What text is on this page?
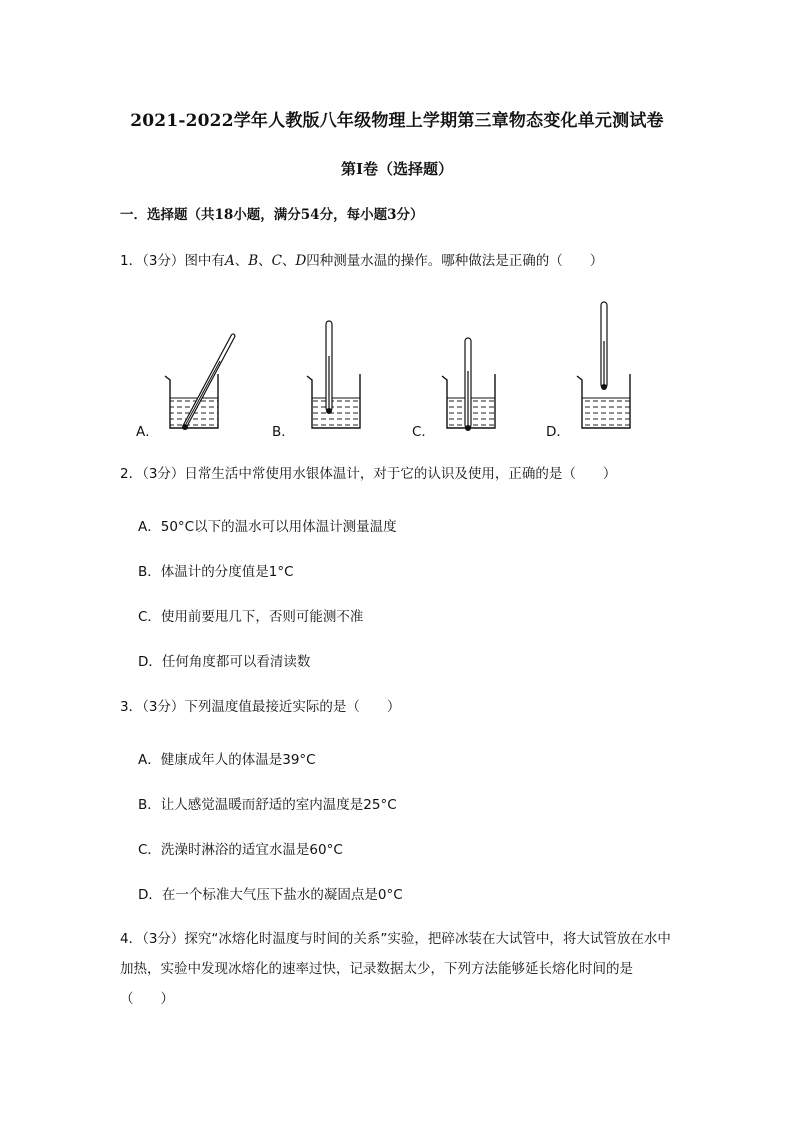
2021-2022学年人教版八年级物理上学期第三章物态变化单元测试卷
第Ⅰ卷（选择题）
一．选择题（共18小题，满分54分，每小题3分）
1．（3分）图中有A、B、C、D四种测量水温的操作。哪种做法是正确的（　　）
A．	B．	C．	D．
2．（3分）日常生活中常使用水银体温计，对于它的认识及使用，正确的是（　　）
A．50°C以下的温水可以用体温计测量温度
B．体温计的分度值是1°C
C．使用前要甩几下，否则可能测不准
D．任何角度都可以看清读数
3．（3分）下列温度值最接近实际的是（　　）
A．健康成年人的体温是39°C
B．让人感觉温暖而舒适的室内温度是25°C
C．洗澡时淋浴的适宜水温是60°C
D．在一个标准大气压下盐水的凝固点是0°C
4．（3分）探究“冰熔化时温度与时间的关系”实验，把碎冰装在大试管中，将大试管放在水中加热，实验中发现冰熔化的速率过快，记录数据太少，下列方法能够延长熔化时间的是（　　）
